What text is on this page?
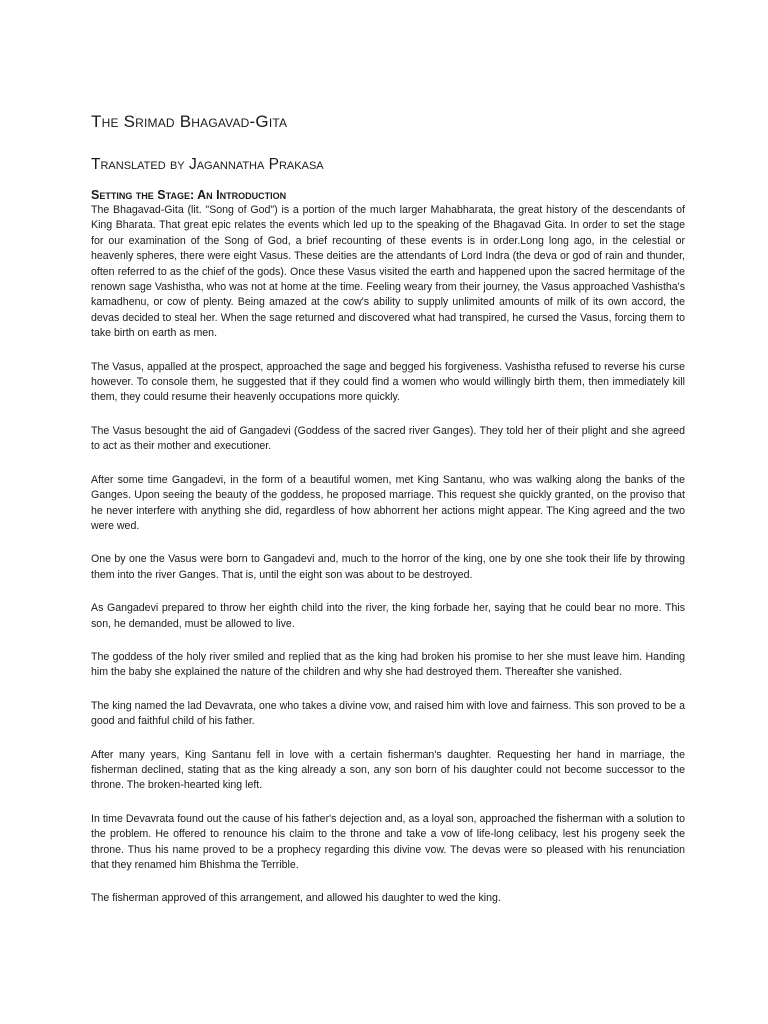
The Srimad Bhagavad-Gita
Translated by Jagannatha Prakasa
Setting the Stage: An Introduction

The Bhagavad-Gita (lit. "Song of God") is a portion of the much larger Mahabharata, the great history of the descendants of King Bharata. That great epic relates the events which led up to the speaking of the Bhagavad Gita. In order to set the stage for our examination of the Song of God, a brief recounting of these events is in order.Long long ago, in the celestial or heavenly spheres, there were eight Vasus. These deities are the attendants of Lord Indra (the deva or god of rain and thunder, often referred to as the chief of the gods). Once these Vasus visited the earth and happened upon the sacred hermitage of the renown sage Vashistha, who was not at home at the time. Feeling weary from their journey, the Vasus approached Vashistha's kamadhenu, or cow of plenty. Being amazed at the cow's ability to supply unlimited amounts of milk of its own accord, the devas decided to steal her. When the sage returned and discovered what had transpired, he cursed the Vasus, forcing them to take birth on earth as men.

The Vasus, appalled at the prospect, approached the sage and begged his forgiveness. Vashistha refused to reverse his curse however. To console them, he suggested that if they could find a women who would willingly birth them, then immediately kill them, they could resume their heavenly occupations more quickly.

The Vasus besought the aid of Gangadevi (Goddess of the sacred river Ganges). They told her of their plight and she agreed to act as their mother and executioner.

After some time Gangadevi, in the form of a beautiful women, met King Santanu, who was walking along the banks of the Ganges. Upon seeing the beauty of the goddess, he proposed marriage. This request she quickly granted, on the proviso that he never interfere with anything she did, regardless of how abhorrent her actions might appear. The King agreed and the two were wed.

One by one the Vasus were born to Gangadevi and, much to the horror of the king, one by one she took their life by throwing them into the river Ganges. That is, until the eight son was about to be destroyed.

As Gangadevi prepared to throw her eighth child into the river, the king forbade her, saying that he could bear no more. This son, he demanded, must be allowed to live.

The goddess of the holy river smiled and replied that as the king had broken his promise to her she must leave him. Handing him the baby she explained the nature of the children and why she had destroyed them. Thereafter she vanished.

The king named the lad Devavrata, one who takes a divine vow, and raised him with love and fairness. This son proved to be a good and faithful child of his father.

After many years, King Santanu fell in love with a certain fisherman's daughter. Requesting her hand in marriage, the fisherman declined, stating that as the king already a son, any son born of his daughter could not become successor to the throne. The broken-hearted king left.

In time Devavrata found out the cause of his father's dejection and, as a loyal son, approached the fisherman with a solution to the problem. He offered to renounce his claim to the throne and take a vow of life-long celibacy, lest his progeny seek the throne. Thus his name proved to be a prophecy regarding this divine vow. The devas were so pleased with his renunciation that they renamed him Bhishma the Terrible.

The fisherman approved of this arrangement, and allowed his daughter to wed the king.
